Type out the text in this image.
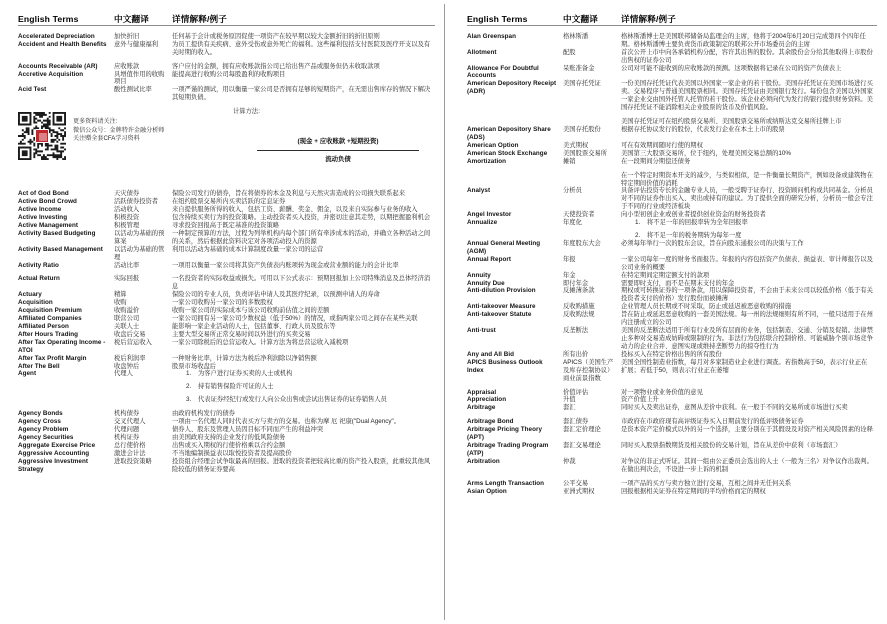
English Terms	中文翻译	详情解释/例子

Accelerated Depreciation	加快折旧	任何基于会计或税务原因促使一项资产在较早期以较大金额折旧的折旧原则
Accident and Health Benefits	意外与健康福利	为员工提供有关疾病、意外受伤或意外死亡的福利。这些福利包括支付医院及医疗开支以及有关时期的收入。

Accounts Receivable (AR)	应收账款	客户应付的金额，拥有应收账款指公司已给出售产品或服务但仍未收取款项
Accretive Acquisition	具增值作用的收购项目	能提高进行收购公司每股盈利的收购项目
Acid Test	酸性测试比率	一项严谨的测试，用以衡量一家公司是否拥有足够的短期资产，在无需出售库存的情况下解决其短期负债。

更多资料请关注:
微信公众号：金牌特许金融分析师
关注赠全套CFA学习资料
计算方法:
(现金 + 应收账款 +短期投资)
流动负债

Act of God Bond	天灾债券	保险公司发行的债券，旨在将债券的本金及利息与天然灾害造成的公司损失联系起来
Active Bond Crowd	活跃债券投资者	在纽约股票交易所内买卖活跃的定息证券
Active Income	活动收入	来自提供服务所得的收入，包括工资、薪酬、奖金、佣金，以及来自实际参与业务的收入
Active Investing	积极投资	包含持续买卖行为的投资策略。主动投资者买入投资，并密切注意其走势，以期把握盈利机会
Active Management	积极管理	寻求投资回报高于既定基准的投资策略
Activity Based Budgeting	以活动为基础的预算案	一种制定预算的方法，过程为列举机构内每个部门所有牵涉成本的活动，并确立各种活动之间的关系，然后根据此资料决定对各项活动投入的资源
Activity Based Management	以活动为基础的管理	利用以活动为基础的成本计算制度改量一家公司的运营
Activity Ratio	活动比率	一项用以衡量一家公司将其资产负债表内账项转为现金或营业额的能力的会计比率

Actual Return	实际回报	一名投资者的实际收益或损失。可用以下公式表示：预期回报加上公司特殊消息及总体经济消息
Actuary	精算	保险公司的专业人员，负责评估申请人及其医疗纪录，以预测申请人的寿命
Acquisition	收购	一家公司收购另一家公司的多数股权
Acquisition Premium	收购溢价	收购一家公司的实际成本与该公司收购前估值之间的差额
Affiliated Companies	联营公司	一家公司拥有另一家公司少数权益（低于50%）的情况，或指两家公司之间存在某些关联
Affiliated Person	关联人士	能影响一家企业活动的人士，包括董事、行政人员及股东等
After Hours Trading	收盘后交易	主要大型交易所正常交易时间以外进行的买卖交易
After Tax Operating Income - ATOI	税后营运收入	一家公司除税后的总营运收入。计算方法为将总营运收入减税项
After Tax Profit Margin	税后利润率	一种财务比率，计算方法为税后净利润除以净销售额
After The Bell	收盘钟后	股票市场收盘后
Agent	代理人	为客户进行证券买卖的人士或机构
持有销售保险许可证的人士
代表证券经纪行或发行人向公众出售或尝试出售证券的证券销售人员

Agency Bonds	机构债券	由政府机构发行的债券
Agency Cross	交叉代理人	一项由一名代理人同时代表买方与卖方的交易。也称为摩 厄 祀康("Dual Agency"。
Agency Problem	代理问题	债券人、股东及管理人员因目标不同而产生的利益冲突
Agency Securities	机构证券	由美国政府支持的企业发行的低风险债务
Aggregate Exercise Price	总行使价格	出售或买入期权的行使价格乘以合约金额
Aggressive Accounting	激进会计法	不当地编制损益表以取悦投资者及提高股价
Aggressive Investment Strategy	进取投资策略	投资组合经理会试争取最高的回报。进取的投资者把较高比重的资产投入股票，此重较其他风险较低的债务证券要高
English Terms	中文翻译	详情解释/例子

Alan Greenspan	格林斯潘	格林斯潘博士是美国联邦储备局监理会的主席，他将于2004年6月20日完成第四个四年任期。格林斯潘博士要负责货币政策制定的联邦公开市场委员会的主席
Allotment	配股	首次公开上市中向各承销机构分配，容许其出售的股份。其余股份会分给其他取得上市股份出售权的证券公司
Allowance For Doubtful Accounts	呆账准备金	公司对可能不能收到的应收账款的预测。这项数据将记录在公司的资产负债表上
American Depository Receipt (ADR)	美国存托凭证	一份美国存托凭证代表美国以外国家一家企业的若干股份。美国存托凭证在美国市场进行买卖。交易程序与普通美国股票相同。美国存托凭证由美国银行发行。每份包含美国以外国家一家企业交由国外托管人托管的若干股份。该企业必须向代为发行的银行提供财务资料。美国存托凭证不能消除相关企业股票的货币及价值风险。

		美国存托凭证可在纽约股票交易所、美国股票交易所或纳斯达克交易所挂牌上市
American Depository Share (ADS)	美国存托股份	根据存托协议发行的股份，代表发行企业在本土上市的股票
American Option	美式期权	可在有效期间随时行使的期权
American Stock Exchange	美国股票交易所	美国第三大股票交易所，位于纽约，处理美国交易总额的10%
Amortization	摊销	在一段期间分期偿还债务

		在一个特定时期资本开支的减少，与类似相似，是一件衡量长期资产，例如设备或建筑物在特定期间价值的消耗
Analyst	分析员	具备评估投资专长的金融专业人员，一般受聘于证券行、投资顾问机构或共同基金。分析员对不同的证券作出买入、卖出或持有的建议。为了提供全面的研究分析，分析员一般会专注于不同的行业或经济板块
Angel Investor	天使投资者	向小型初创企业或创业者提供创业资金的财务投资者
Annualize	年度化	将不足一年的回报率转为全年回报率
将不足一年的税务期转为每年一度

Annual General Meeting (AGM)	年度股东大会	必须每年举行一次的股东会议，旨在向股东通报公司的决策与工作
Annual Report	年报	一家公司每年一度的财务书面报告。年报的内容包括资产负债表、损益表、审计师报告以及公司业务的概要
Annuity	年金	在特定期间定期定额支付的款项
Annuity Due	即付年金	需要即时支付，而不是在期末支付的年金
Anti-dilution Provision	反摊薄条款	期权或可转换证券的一项条款，用以保障投资者，不会由于未来公司以较低价格（低于有关投资者支付的价格）发行股份而被摊薄
Anti-takeover Measure	反收购措施	企业管理人员长期或不时采取，防止或延迟被恶意收购的措施
Anti-takeover Statute	反收购法规	旨在防止或延迟恶意收购的一套美国法规。每一州的法规细则有所不同，一般只适用于在州内注册成立的公司
Anti-trust	反垄断法	美国的反垄断法适用于所有行业及所有层面的业务，包括制造、交通、分销及促销。法律禁止多种对交易造成妨碍或限制的行为。非法行为包括联合控制价格、可能威胁个别市场竞争动力的企业合并、意图实现或维持垄断势力的掠夺性行为
Any and All Bid	所有出价	投标买入在特定价格出售的所有股份
APICS Business Outlook Index	APICS（美国生产及库存控制协议）商业前景指数	美国全国性制造业指数，每月对多家制造业企业进行调查。若指数高于50，表示行业正在扩展；若低于50，则表示行业正在萎缩

Appraisal	价值评估	对一项物业或业务价值的意见
Appreciation	升值	资产价值上升
Arbitrage	套汇	同时买入及卖出证券，意图从差价中获利。在一般于不同的交易所或市场进行买卖

Arbitrage Bond	套汇债券	市政府在市政府现有高评级证券买入日期前发行的低评级债务证券
Arbitrage Pricing Theory (APT)	套汇定价理论	是资本资产定价模式以外的另一个选择，主要分别在于其假设及对资产相关风险因素的诠释
Arbitrage Trading Program (ATP)	套汇交易理论	同时买入股票指数期货及相关股份的交易计划，旨在从差价中获利（市场套汇）
Arbitration	仲裁	对争议的非正式听证。其间一组由公正委员会选出的人士（一般为三名）对争议作出裁判。在做出判决会，不设进一步上诉的机制

Arms Length Transaction	公平交易	一项产品的买方与卖方独立进行交易，互相之间并无任何关系
Asian Option	亚洲式期权	回报根据相关证券在特定期间的平均价格而定的期权
